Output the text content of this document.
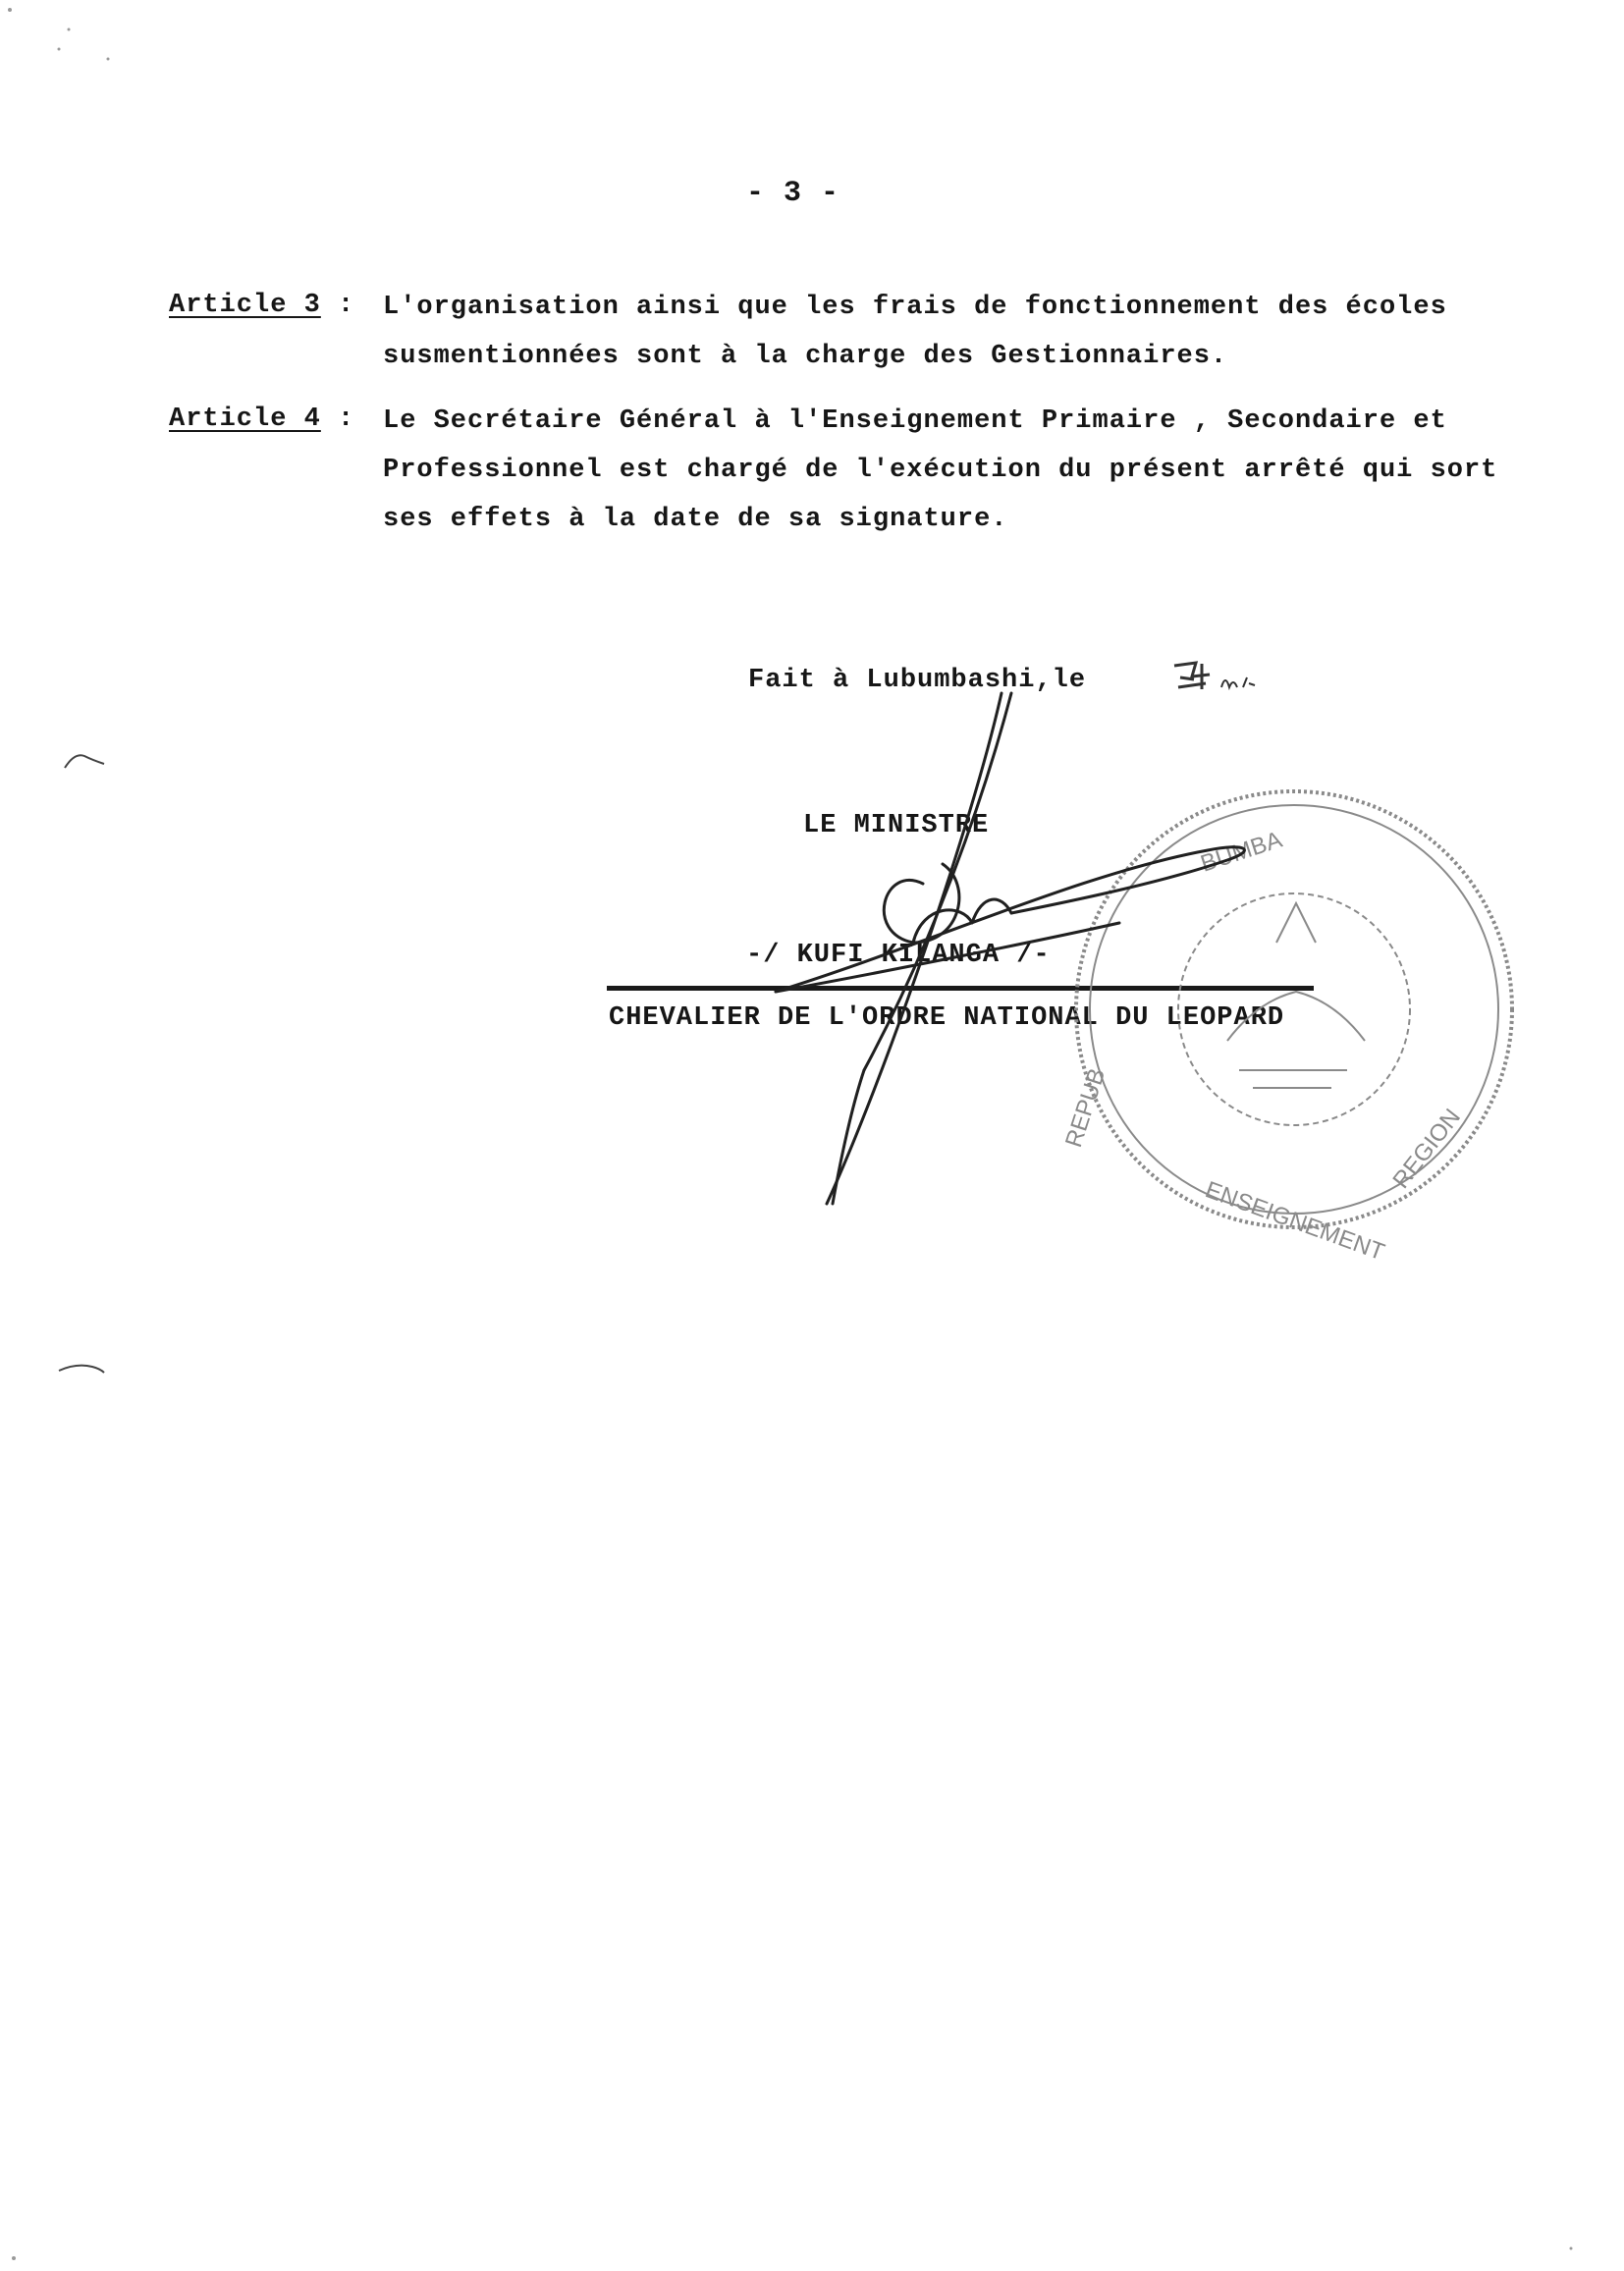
- 3 -
Article 3 : L'organisation ainsi que les frais de fonctionnement des écoles
susmentionnées sont à la charge des Gestionnaires.
Article 4 : Le Secrétaire Général à l'Enseignement Primaire , Secondaire et
Professionnel est chargé de l'exécution du présent arrêté qui sort
ses effets à la date de sa signature.
Fait à Lubumbashi,le
LE MINISTRE
-/ KUFI KILANGA /-
CHEVALIER DE L'ORDRE NATIONAL DU LEOPARD
BUMBA
REPUB
ENSEIGNEMENT
REGION
